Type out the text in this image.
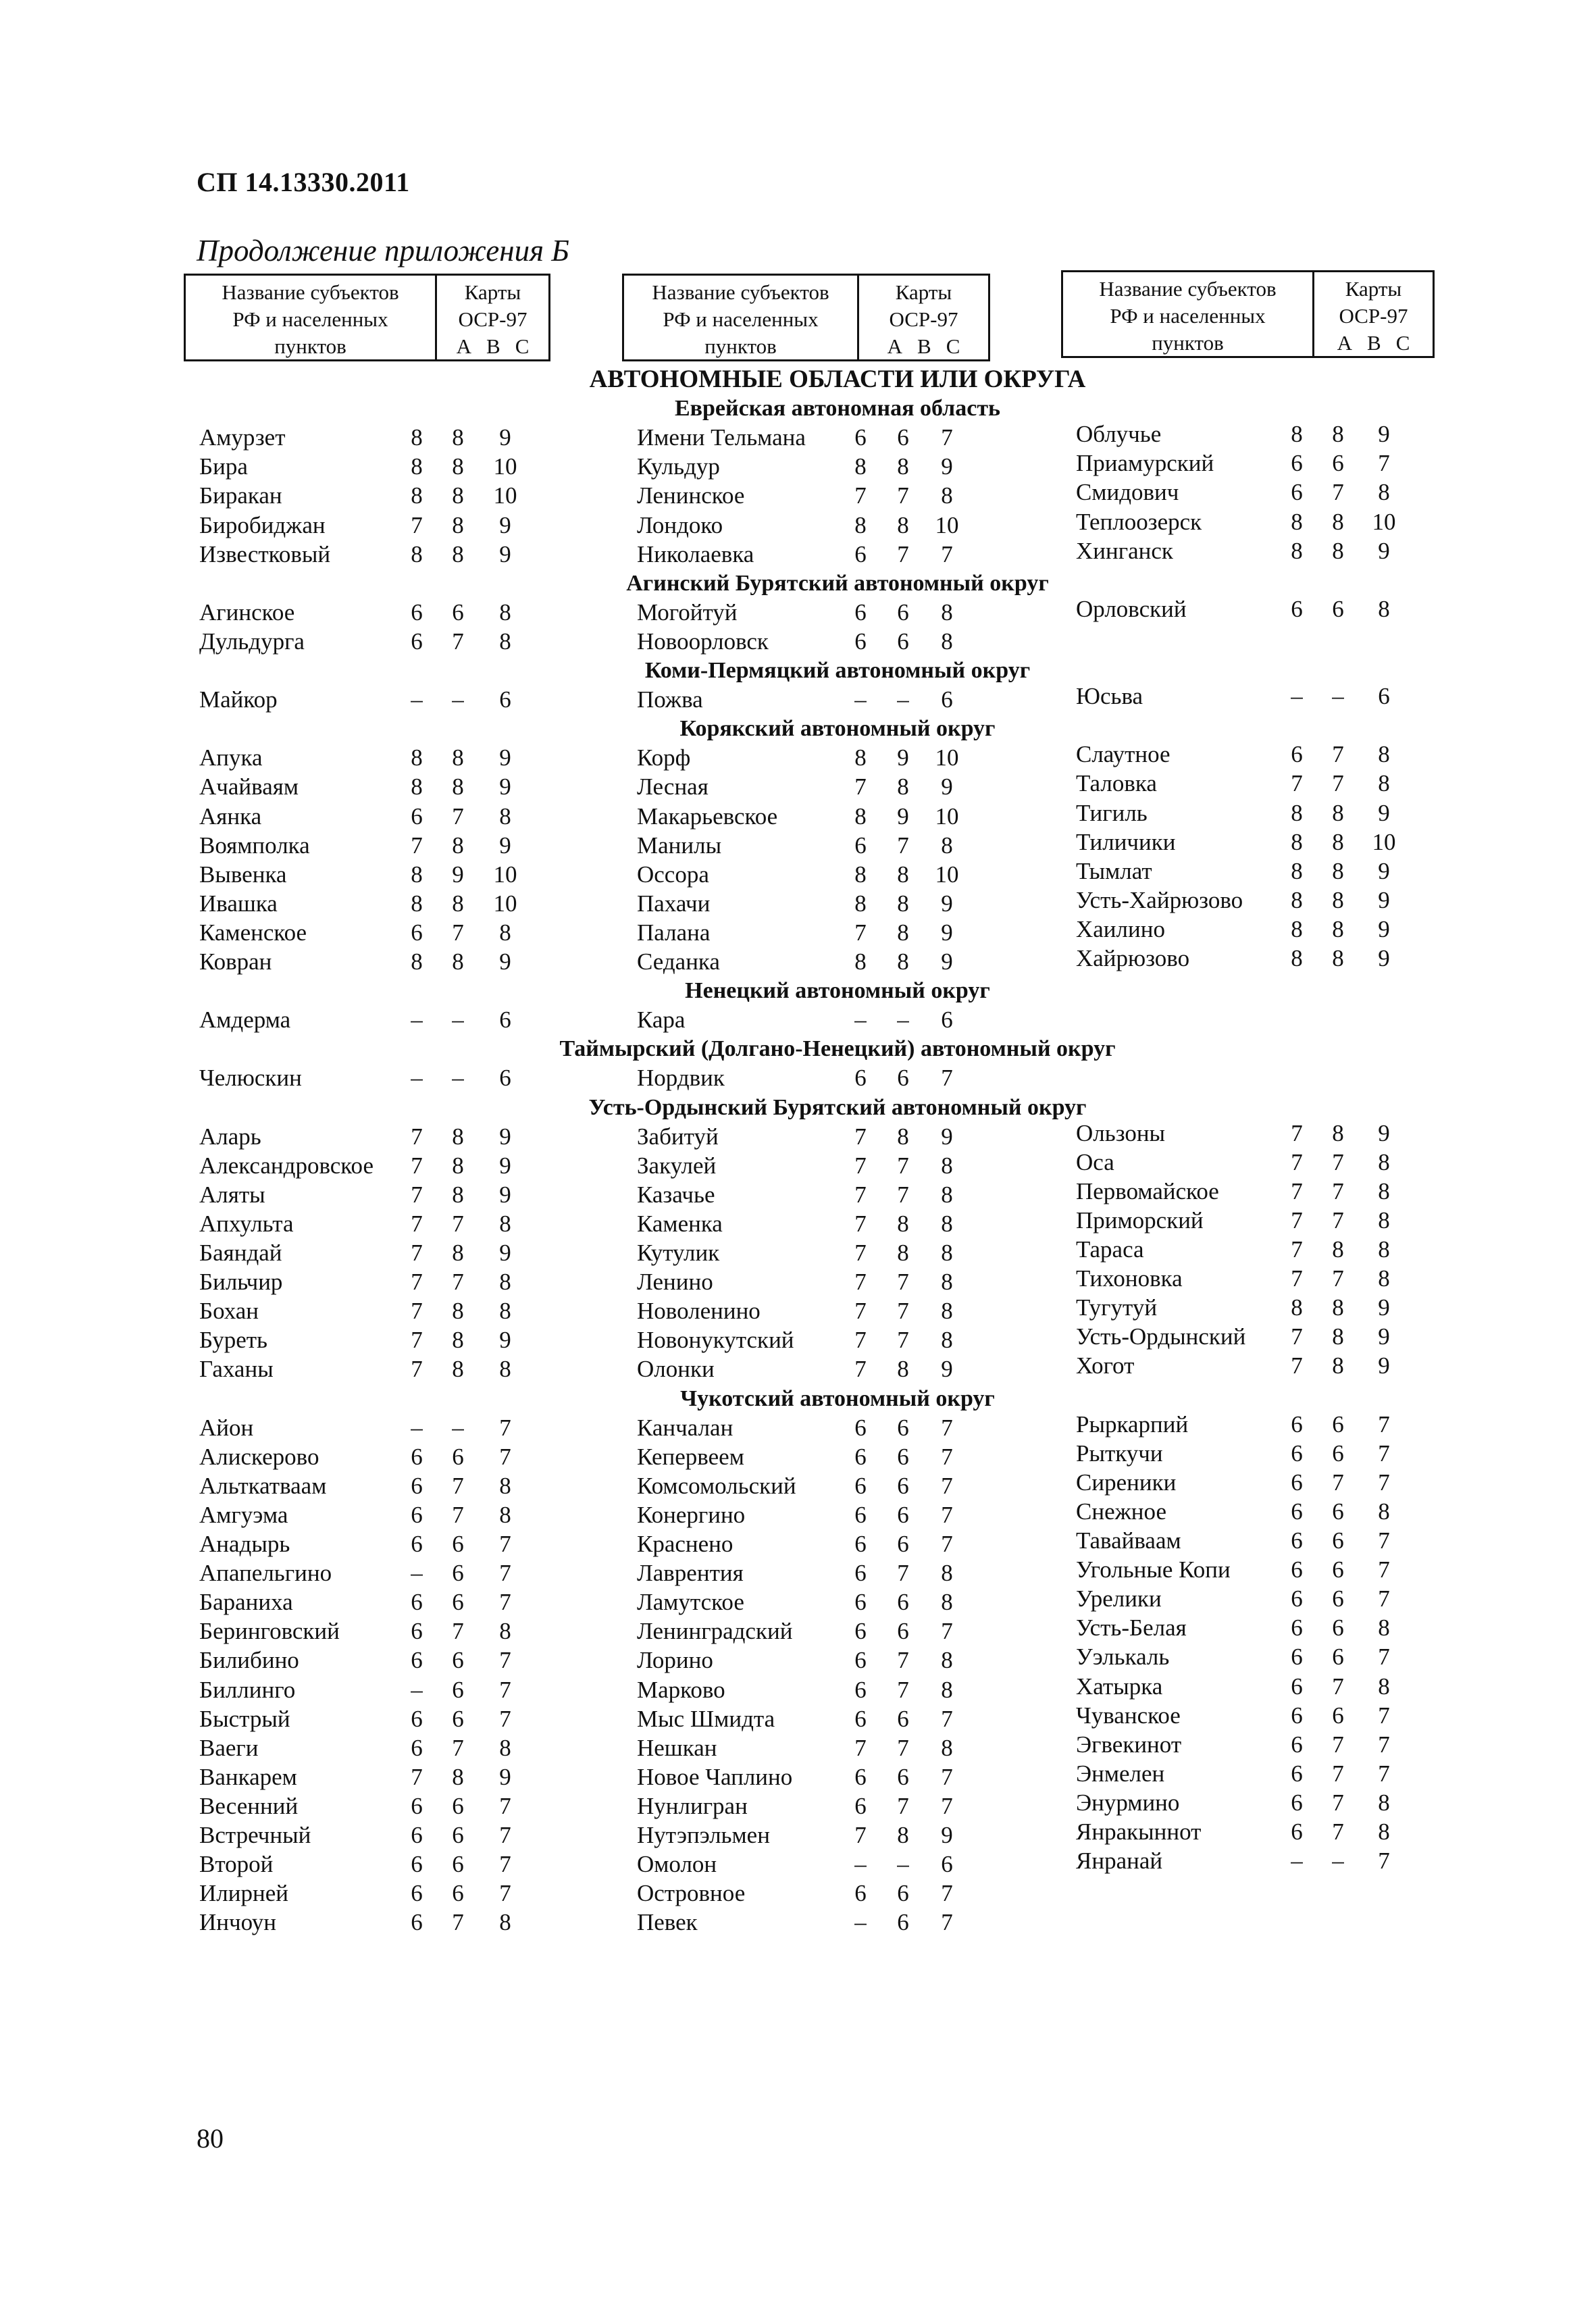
СП 14.13330.2011
Продолжение приложения Б
Название субъектов
РФ и населенных
пунктов
Карты
ОСР-97
А В С
Название субъектов
РФ и населенных
пунктов
Карты
ОСР-97
А В С
Название субъектов
РФ и населенных
пунктов
Карты
ОСР-97
А В С
АВТОНОМНЫЕ ОБЛАСТИ ИЛИ ОКРУГА
Еврейская автономная область
Амурзет	8	8	9	Имени Тельмана	6	6	7	Облучье	8	8	9
Бира	8	8	10	Кульдур	8	8	9	Приамурский	6	6	7
Биракан	8	8	10	Ленинское	7	7	8	Смидович	6	7	8
Биробиджан	7	8	9	Лондоко	8	8	10	Теплоозерск	8	8	10
Известковый	8	8	9	Николаевка	6	7	7	Хинганск	8	8	9
Агинский Бурятский автономный округ
Агинское	6	6	8	Могойтуй	6	6	8	Орловский	6	6	8
Дульдурга	6	7	8	Новоорловск	6	6	8
Коми-Пермяцкий автономный округ
Майкор	–	–	6	Пожва	–	–	6	Юсьва	–	–	6
Корякский автономный округ
Апука	8	8	9	Корф	8	9	10	Слаутное	6	7	8
Ачайваям	8	8	9	Лесная	7	8	9	Таловка	7	7	8
Аянка	6	7	8	Макарьевское	8	9	10	Тигиль	8	8	9
Воямполка	7	8	9	Манилы	6	7	8	Тиличики	8	8	10
Вывенка	8	9	10	Оссора	8	8	10	Тымлат	8	8	9
Ивашка	8	8	10	Пахачи	8	8	9	Усть-Хайрюзово	8	8	9
Каменское	6	7	8	Палана	7	8	9	Хаилино	8	8	9
Ковран	8	8	9	Седанка	8	8	9	Хайрюзово	8	8	9
Ненецкий автономный округ
Амдерма	–	–	6	Кара	–	–	6
Таймырский (Долгано-Ненецкий) автономный округ
Челюскин	–	–	6	Нордвик	6	6	7
Усть-Ордынский Бурятский автономный округ
Аларь	7	8	9	Забитуй	7	8	9	Ользоны	7	8	9
Александровское	7	8	9	Закулей	7	7	8	Оса	7	7	8
Аляты	7	8	9	Казачье	7	7	8	Первомайское	7	7	8
Апхульта	7	7	8	Каменка	7	8	8	Приморский	7	7	8
Баяндай	7	8	9	Кутулик	7	8	8	Тараса	7	8	8
Бильчир	7	7	8	Ленино	7	7	8	Тихоновка	7	7	8
Бохан	7	8	8	Новоленино	7	7	8	Тугутуй	8	8	9
Буреть	7	8	9	Новонукутский	7	7	8	Усть-Ордынский	7	8	9
Гаханы	7	8	8	Олонки	7	8	9	Хогот	7	8	9
Чукотский автономный округ
Айон	–	–	7	Канчалан	6	6	7	Рыркарпий	6	6	7
Алискерово	6	6	7	Кепервеем	6	6	7	Рыткучи	6	6	7
Альткатваам	6	7	8	Комсомольский	6	6	7	Сиреники	6	7	7
Амгуэма	6	7	8	Конергино	6	6	7	Снежное	6	6	8
Анадырь	6	6	7	Краснено	6	6	7	Тавайваам	6	6	7
Апапельгино	–	6	7	Лаврентия	6	7	8	Угольные Копи	6	6	7
Бараниха	6	6	7	Ламутское	6	6	8	Урелики	6	6	7
Беринговский	6	7	8	Ленинградский	6	6	7	Усть-Белая	6	6	8
Билибино	6	6	7	Лорино	6	7	8	Уэлькаль	6	6	7
Биллинго	–	6	7	Марково	6	7	8	Хатырка	6	7	8
Быстрый	6	6	7	Мыс Шмидта	6	6	7	Чуванское	6	6	7
Ваеги	6	7	8	Нешкан	7	7	8	Эгвекинот	6	7	7
Ванкарем	7	8	9	Новое Чаплино	6	6	7	Энмелен	6	7	7
Весенний	6	6	7	Нунлигран	6	7	7	Энурмино	6	7	8
Встречный	6	6	7	Нутэпэльмен	7	8	9	Янракыннот	6	7	8
Второй	6	6	7	Омолон	–	–	6	Янранай	–	–	7
Илирней	6	6	7	Островное	6	6	7
Инчоун	6	7	8	Певек	–	6	7
80
